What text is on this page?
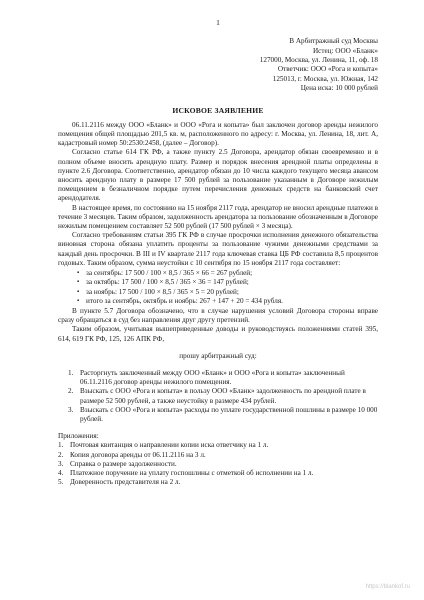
1
В Арбитражный суд Москвы
Истец: ООО «Бланк»
127000, Москва, ул. Ленина, 11, оф. 18
Ответчик: ООО «Рога и копыта»
125013, г. Москва, ул. Южная, 142
Цена иска: 10 000 рублей
ИСКОВОЕ ЗАЯВЛЕНИЕ

06.11.2116 между ООО «Бланк» и ООО «Рога и копыта» был заключен договор аренды нежилого помещения общей площадью 201,5 кв. м, расположенного по адресу: г. Москва, ул. Ленина, 18, лит. А, кадастровый номер 50:2530:2458, (далее – Договор).

Согласно статье 614 ГК РФ, а также пункту 2.5 Договора, арендатор обязан своевременно и в полном объеме вносить арендную плату. Размер и порядок внесения арендной платы определены в пункте 2.6 Договора. Соответственно, арендатор обязан до 10 числа каждого текущего месяца авансом вносить арендную плату в размере 17 500 рублей за пользование указанным в Договоре нежилым помещением в безналичном порядке путем перечисления денежных средств на банковский счет арендодателя.

В настоящее время, по состоянию на 15 ноября 2117 года, арендатор не вносил арендные платежи в течение 3 месяцев. Таким образом, задолженность арендатора за пользование обозначенным в Договоре нежилым помещением составляет 52 500 рублей (17 500 рублей × 3 месяца).

Согласно требованиям статьи 395 ГК РФ в случае просрочки исполнения денежного обязательства виновная сторона обязана уплатить проценты за пользование чужими денежными средствами за каждый день просрочки. В III и IV квартале 2117 года ключевая ставка ЦБ РФ составила 8,5 процентов годовых. Таким образом, сумма неустойки с 10 сентября по 15 ноября 2117 года составляет:

▪ за сентябрь: 17 500 / 100 × 8,5 / 365 × 66 = 267 рублей;
▪ за октябрь: 17 500 / 100 × 8,5 / 365 × 36 = 147 рублей;
▪ за ноябрь: 17 500 / 100 × 8,5 / 365 × 5 = 20 рублей;
▪ итого за сентябрь, октябрь и ноябрь: 267 + 147 + 20 = 434 рубля.

В пункте 5.7 Договора обозначено, что в случае нарушения условий Договора стороны вправе сразу обращаться в суд без направления друг другу претензий.

Таким образом, учитывая вышеприведенные доводы и руководствуясь положениями статей 395, 614, 619 ГК РФ, 125, 126 АПК РФ,

прошу арбитражный суд:
1. Расторгнуть заключенный между ООО «Бланк» и ООО «Рога и копыта» заключенный 06.11.2116 договор аренды нежилого помещения.
2. Взыскать с ООО «Рога и копыта» в пользу ООО «Бланк» задолженность по арендной плате в размере 52 500 рублей, а также неустойку в размере 434 рублей.
3. Взыскать с ООО «Рога и копыта» расходы по уплате государственной пошлины в размере 10 000 рублей.
Приложения:
1. Почтовая квитанция о направлении копии иска ответчику на 1 л.
2. Копия договора аренды от 06.11.2116 на 3 л.
3. Справка о размере задолженности.
4. Платежное поручение на уплату госпошлины с отметкой об исполнении на 1 л.
5. Доверенность представителя на 2 л.
https://blankof.ru
